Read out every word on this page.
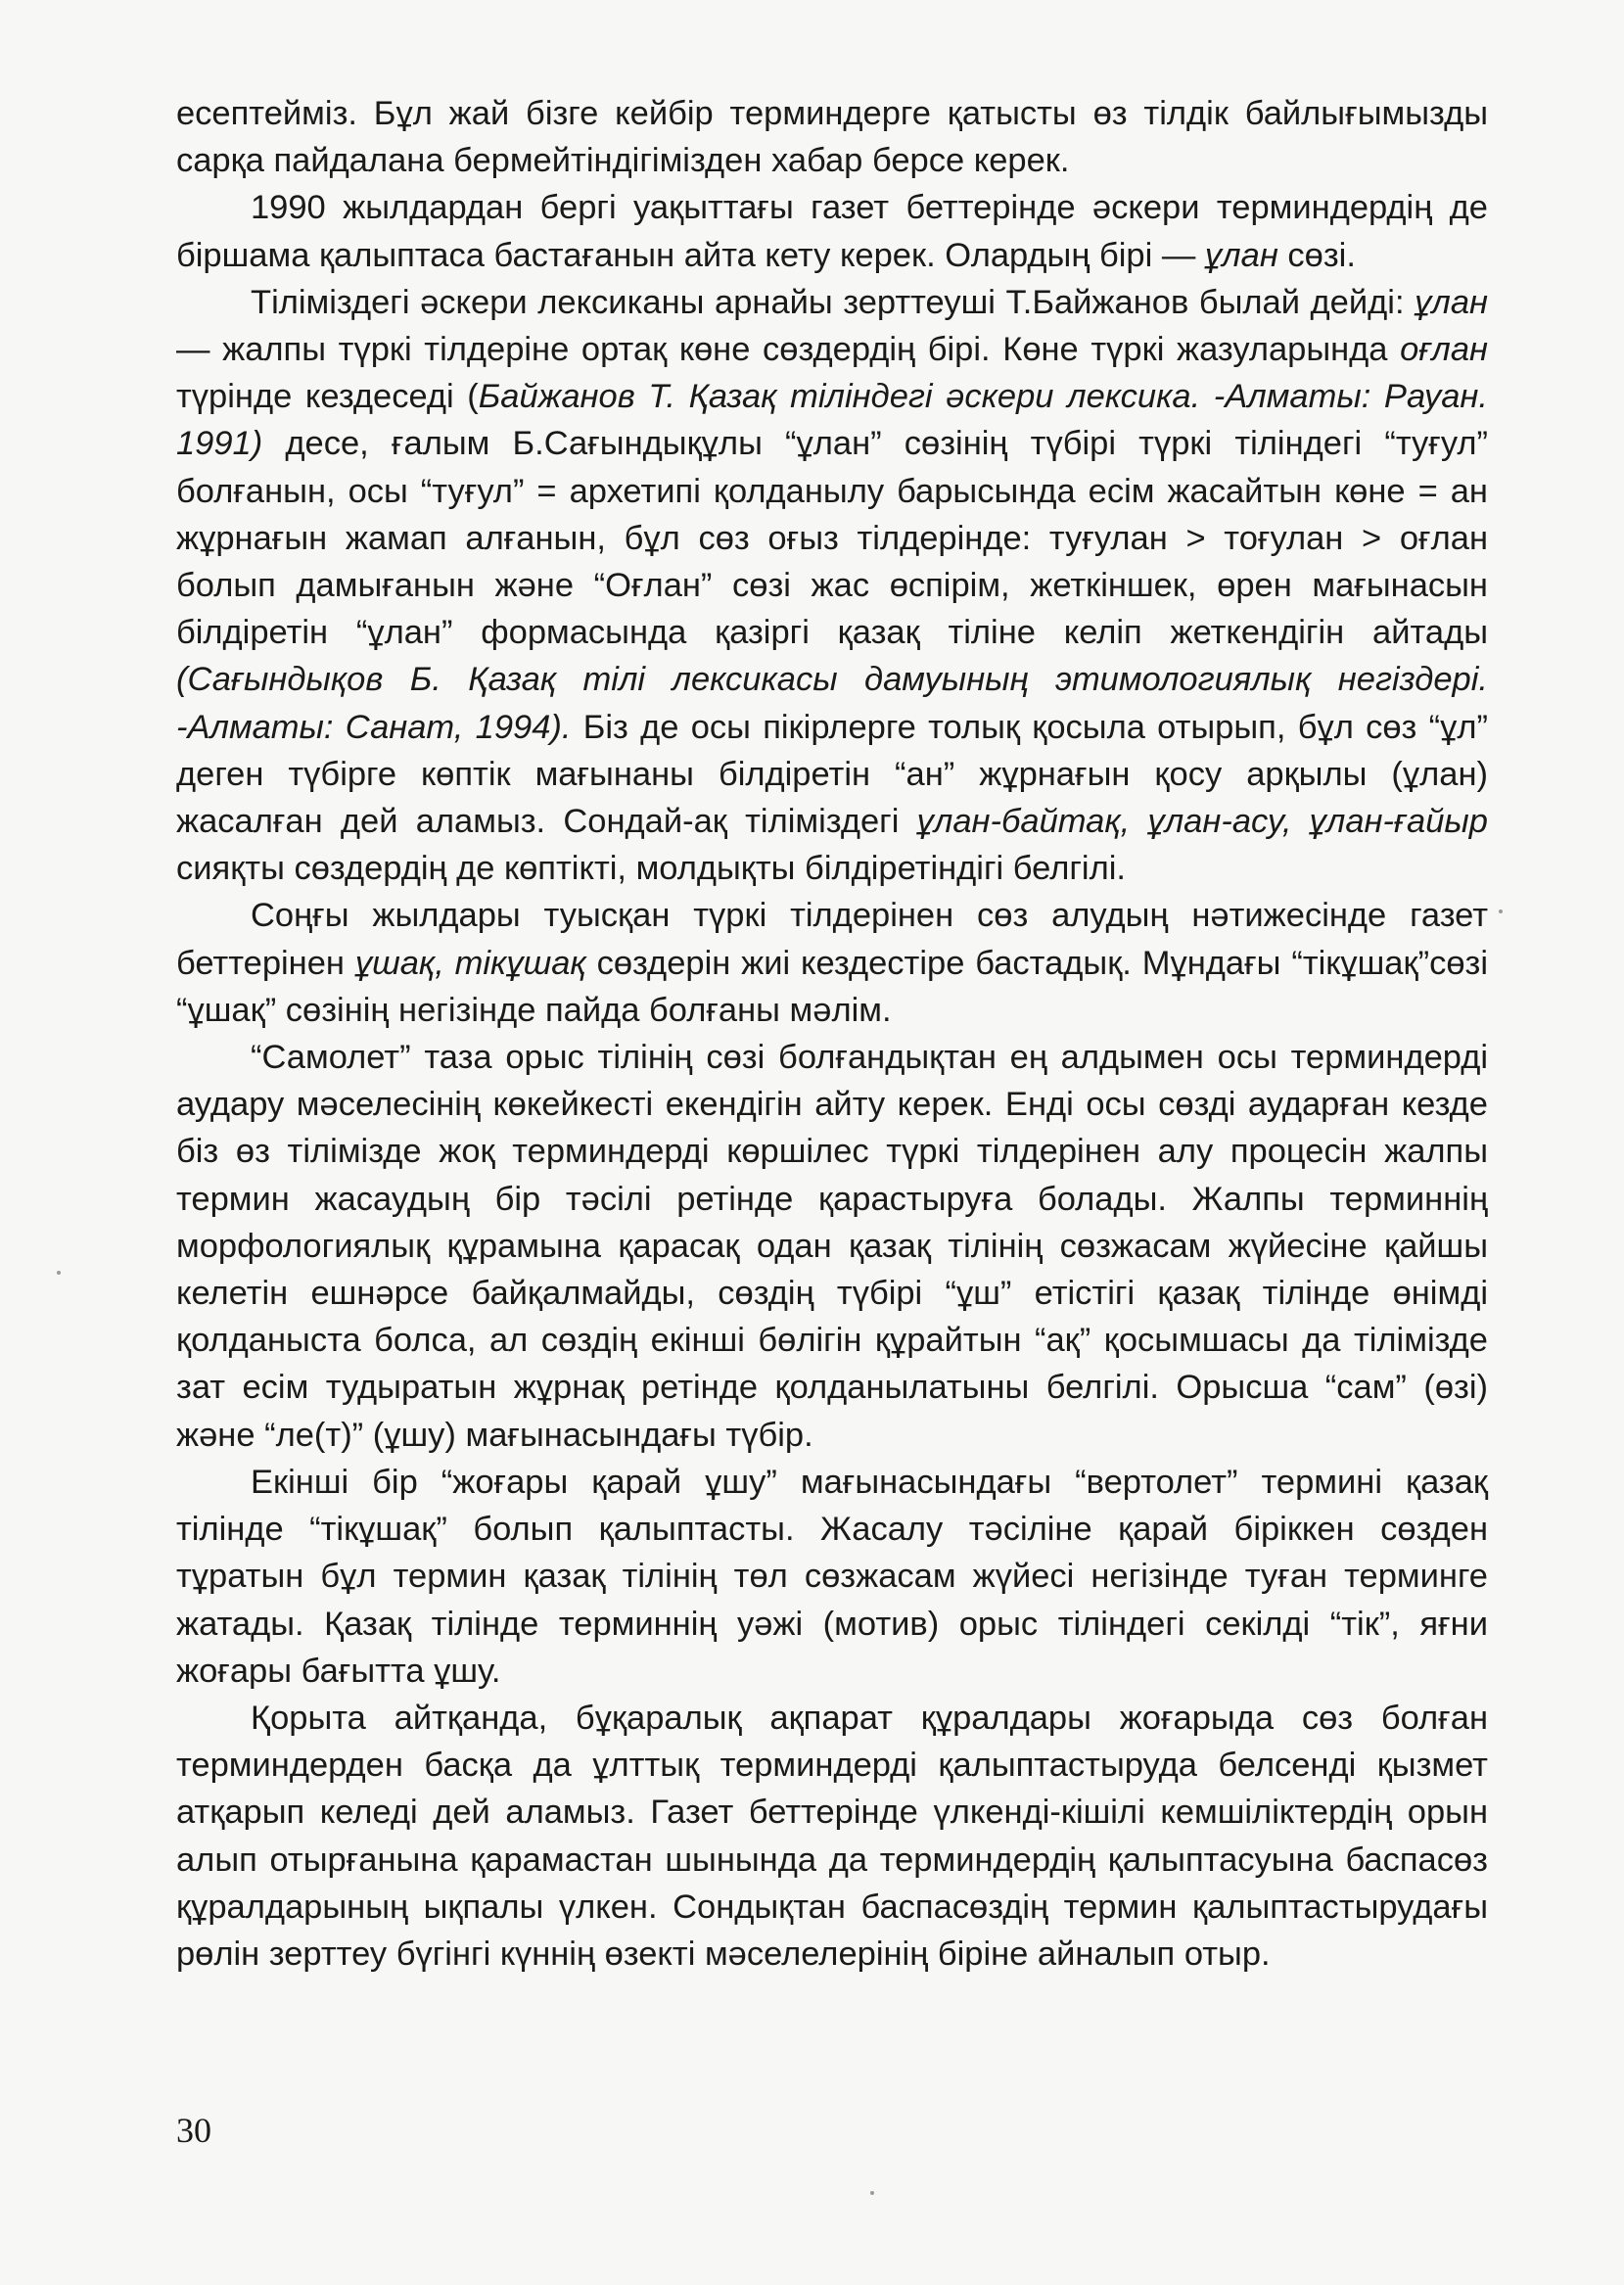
есептейміз. Бұл жай бізге кейбір терминдерге қатысты өз тілдік байлығымызды сарқа пайдалана бермейтіндігімізден хабар берсе керек.

1990 жылдардан бергі уақыттағы газет беттерінде әскери терминдердің де біршама қалыптаса бастағанын айта кету керек. Олардың бірі — ұлан сөзі.

Тіліміздегі әскери лексиканы арнайы зерттеуші Т.Байжанов былай дейді: ұлан — жалпы түркі тілдеріне ортақ көне сөздердің бірі. Көне түркі жазуларында оғлан түрінде кездеседі (Байжанов Т. Қазақ тіліндегі әскери лексика. -Алматы: Рауан. 1991) десе, ғалым Б.Сағындықұлы “ұлан” сөзінің түбірі түркі тіліндегі “туғул” болғанын, осы “туғул” = архетипі қолданылу барысында есім жасайтын көне = ан жұрнағын жамап алғанын, бұл сөз оғыз тілдерінде: туғулан > тоғулан > оғлан болып дамығанын және “Оғлан” сөзі жас өспірім, жеткіншек, өрен мағынасын білдіретін “ұлан” формасында қазіргі қазақ тіліне келіп жеткендігін айтады (Сағындықов Б. Қазақ тілі лексикасы дамуының этимологиялық негіздері. -Алматы: Санат, 1994). Біз де осы пікірлерге толық қосыла отырып, бұл сөз “ұл” деген түбірге көптік мағынаны білдіретін “ан” жұрнағын қосу арқылы (ұлан) жасалған дей аламыз. Сондай-ақ тіліміздегі ұлан-байтақ, ұлан-асу, ұлан-ғайыр сияқты сөздердің де көптікті, молдықты білдіретіндігі белгілі.

Соңғы жылдары туысқан түркі тілдерінен сөз алудың нәтижесінде газет беттерінен ұшақ, тікұшақ сөздерін жиі кездестіре бастадық. Мұндағы “тікұшақ”сөзі “ұшақ” сөзінің негізінде пайда болғаны мәлім.

“Самолет” таза орыс тілінің сөзі болғандықтан ең алдымен осы терминдерді аудару мәселесінің көкейкесті екендігін айту керек. Енді осы сөзді аударған кезде біз өз тілімізде жоқ терминдерді көршілес түркі тілдерінен алу процесін жалпы термин жасаудың бір тәсілі ретінде қарастыруға болады. Жалпы терминнің морфологиялық құрамына қарасақ одан қазақ тілінің сөзжасам жүйесіне қайшы келетін ешнәрсе байқалмайды, сөздің түбірі “ұш” етістігі қазақ тілінде өнімді қолданыста болса, ал сөздің екінші бөлігін құрайтын “ақ” қосымшасы да тілімізде зат есім тудыратын жұрнақ ретінде қолданылатыны белгілі. Орысша “сам” (өзі) және “ле(т)” (ұшу) мағынасындағы түбір.

Екінші бір “жоғары қарай ұшу” мағынасындағы “вертолет” термині қазақ тілінде “тікұшақ” болып қалыптасты. Жасалу тәсіліне қарай біріккен сөзден тұратын бұл термин қазақ тілінің төл сөзжасам жүйесі негізінде туған терминге жатады. Қазақ тілінде терминнің уәжі (мотив) орыс тіліндегі секілді “тік”, яғни жоғары бағытта ұшу.

Қорыта айтқанда, бұқаралық ақпарат құралдары жоғарыда сөз болған терминдерден басқа да ұлттық терминдерді қалыптастыруда белсенді қызмет атқарып келеді дей аламыз. Газет беттерінде үлкенді-кішілі кемшіліктердің орын алып отырғанына қарамастан шынында да терминдердің қалыптасуына баспасөз құралдарының ықпалы үлкен. Сондықтан баспасөздің термин қалыптастырудағы рөлін зерттеу бүгінгі күннің өзекті мәселелерінің біріне айналып отыр.

30
